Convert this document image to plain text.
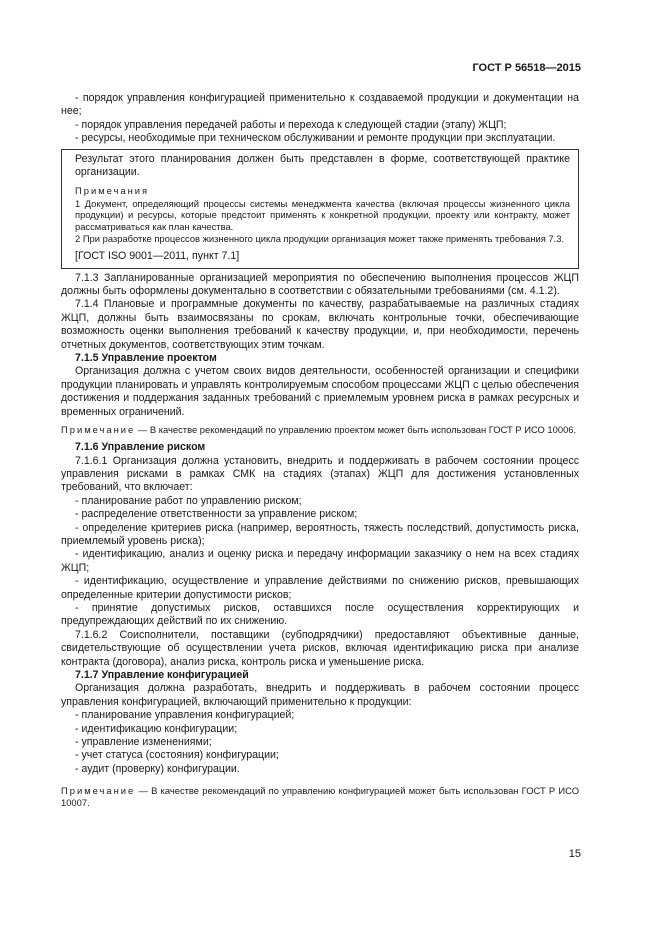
ГОСТ Р 56518—2015

- порядок управления конфигурацией применительно к создаваемой продукции и документации на нее;

- порядок управления передачей работы и перехода к следующей стадии (этапу) ЖЦП;

- ресурсы, необходимые при техническом обслуживании и ремонте продукции при эксплуатации.

Результат этого планирования должен быть представлен в форме, соответствующей практике организации.

Примечания

1 Документ, определяющий процессы системы менеджмента качества (включая процессы жизненного цикла продукции) и ресурсы, которые предстоит применять к конкретной продукции, проекту или контракту, может рассматриваться как план качества.

2 При разработке процессов жизненного цикла продукции организация может также применять требования 7.3.

[ГОСТ ISO 9001—2011, пункт 7.1]

7.1.3 Запланированные организацией мероприятия по обеспечению выполнения процессов ЖЦП должны быть оформлены документально в соответствии с обязательными требованиями (см. 4.1.2).

7.1.4 Плановые и программные документы по качеству, разрабатываемые на различных стадиях ЖЦП, должны быть взаимосвязаны по срокам, включать контрольные точки, обеспечивающие возможность оценки выполнения требований к качеству продукции, и, при необходимости, перечень отчетных документов, соответствующих этим точкам.

7.1.5 Управление проектом

Организация должна с учетом своих видов деятельности, особенностей организации и специфики продукции планировать и управлять контролируемым способом процессами ЖЦП с целью обеспечения достижения и поддержания заданных требований с приемлемым уровнем риска в рамках ресурсных и временных ограничений.

Примечание — В качестве рекомендаций по управлению проектом может быть использован ГОСТ Р ИСО 10006.

7.1.6 Управление риском

7.1.6.1 Организация должна установить, внедрить и поддерживать в рабочем состоянии процесс управления рисками в рамках СМК на стадиях (этапах) ЖЦП для достижения установленных требований, что включает:

- планирование работ по управлению риском;

- распределение ответственности за управление риском;

- определение критериев риска (например, вероятность, тяжесть последствий, допустимость риска, приемлемый уровень риска);

- идентификацию, анализ и оценку риска и передачу информации заказчику о нем на всех стадиях ЖЦП;

- идентификацию, осуществление и управление действиями по снижению рисков, превышающих определенные критерии допустимости рисков;

- принятие допустимых рисков, оставшихся после осуществления корректирующих и предупреждающих действий по их снижению.

7.1.6.2 Соисполнители, поставщики (субподрядчики) предоставляют объективные данные, свидетельствующие об осуществлении учета рисков, включая идентификацию риска при анализе контракта (договора), анализ риска, контроль риска и уменьшение риска.

7.1.7 Управление конфигурацией

Организация должна разработать, внедрить и поддерживать в рабочем состоянии процесс управления конфигурацией, включающий применительно к продукции:

- планирование управления конфигурацией;

- идентификацию конфигурации;

- управление изменениями;

- учет статуса (состояния) конфигурации;

- аудит (проверку) конфигурации.

Примечание — В качестве рекомендаций по управлению конфигурацией может быть использован ГОСТ Р ИСО 10007.

15
